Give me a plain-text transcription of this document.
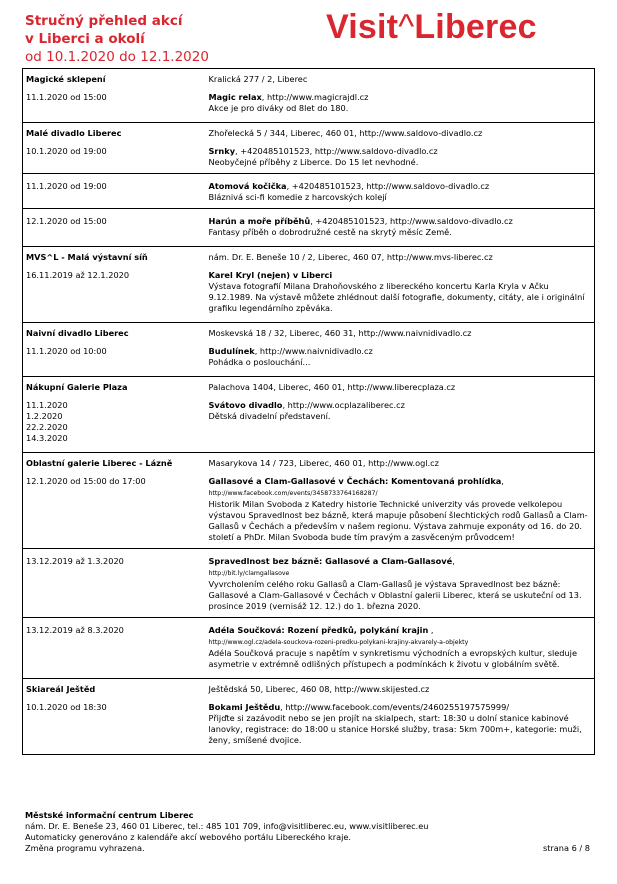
Stručný přehled akcí
v Liberci a okolí
od 10.1.2020 do 12.1.2020
Visit^Liberec
Magické sklepení	Kralická 277 / 2, Liberec
11.1.2020 od 15:00	Magic relax, http://www.magicrajdl.cz
Akce je pro diváky od 8let do 180.
Malé divadlo Liberec	Zhořelecká 5 / 344, Liberec, 460 01, http://www.saldovo-divadlo.cz
10.1.2020 od 19:00	Srnky, +420485101523, http://www.saldovo-divadlo.cz
Neobyčejné příběhy z Liberce. Do 15 let nevhodné.
11.1.2020 od 19:00	Atomová kočička, +420485101523, http://www.saldovo-divadlo.cz
Bláznivá sci-fi komedie z harcovských kolejí
12.1.2020 od 15:00	Harún a moře příběhů, +420485101523, http://www.saldovo-divadlo.cz
Fantasy příběh o dobrodružné cestě na skrytý měsíc Země.
MVS^L - Malá výstavní síň	nám. Dr. E. Beneše 10 / 2, Liberec, 460 07, http://www.mvs-liberec.cz
16.11.2019 až 12.1.2020	Karel Kryl (nejen) v Liberci
Výstava fotografií Milana Drahoňovského z libereckého koncertu Karla Kryla v Ačku 9.12.1989. Na výstavě můžete zhlédnout další fotografie, dokumenty, citáty, ale i originální grafiku legendárního zpěváka.
Naivní divadlo Liberec	Moskevská 18 / 32, Liberec, 460 31, http://www.naivnidivadlo.cz
11.1.2020 od 10:00	Budulínek, http://www.naivnidivadlo.cz
Pohádka o poslouchání...
Nákupní Galerie Plaza	Palachova 1404, Liberec, 460 01, http://www.liberecplaza.cz
11.1.2020
1.2.2020
22.2.2020
14.3.2020	Svátovo divadlo, http://www.ocplazaliberec.cz
Dětská divadelní představení.
Oblastní galerie Liberec - Lázně	Masarykova 14 / 723, Liberec, 460 01, http://www.ogl.cz
12.1.2020 od 15:00 do 17:00	Gallasové a Clam-Gallasové v Čechách: Komentovaná prohlídka,
http://www.facebook.com/events/3458733764168287/
Historik Milan Svoboda z Katedry historie Technické univerzity vás provede velkolepou výstavou Spravedlnost bez bázně, která mapuje působení šlechtických rodů Gallasů a Clam-Gallasů v Čechách a především v našem regionu. Výstava zahrnuje exponáty od 16. do 20. století a PhDr. Milan Svoboda bude tím pravým a zasvěceným průvodcem!
13.12.2019 až 1.3.2020	Spravedlnost bez bázně: Gallasové a Clam-Gallasové,
http://bit.ly/clamgallasove
Vyvrcholením celého roku Gallasů a Clam-Gallasů je výstava Spravedlnost bez bázně: Gallasové a Clam-Gallasové v Čechách v Oblastní galerii Liberec, která se uskuteční od 13. prosince 2019 (vernisáž 12. 12.) do 1. března 2020.
13.12.2019 až 8.3.2020	Adéla Součková: Rození předků, polykání krajin ,
http://www.ogl.cz/adela-souckova-rozeni-predku-polykani-krajiny-akvarely-a-objekty
Adéla Součková pracuje s napětím v synkretismu východních a evropských kultur, sleduje asymetrie v extrémně odlišných přístupech a podmínkách k životu v globálním světě.
Skiareál Ještěd	Ještědská 50, Liberec, 460 08, http://www.skijested.cz
10.1.2020 od 18:30	Bokami Ještědu, http://www.facebook.com/events/2460255197575999/
Přijďte si zazávodit nebo se jen projít na skialpech, start: 18:30 u dolní stanice kabinové lanovky, registrace: do 18:00 u stanice Horské služby, trasa: 5km 700m+, kategorie: muži, ženy, smíšené dvojice.
Městské informační centrum Liberec
nám. Dr. E. Beneše 23, 460 01 Liberec, tel.: 485 101 709, info@visitliberec.eu, www.visitliberec.eu
Automaticky generováno z kalendáře akcí webového portálu Libereckého kraje.
Změna programu vyhrazena.	strana 6 / 8
